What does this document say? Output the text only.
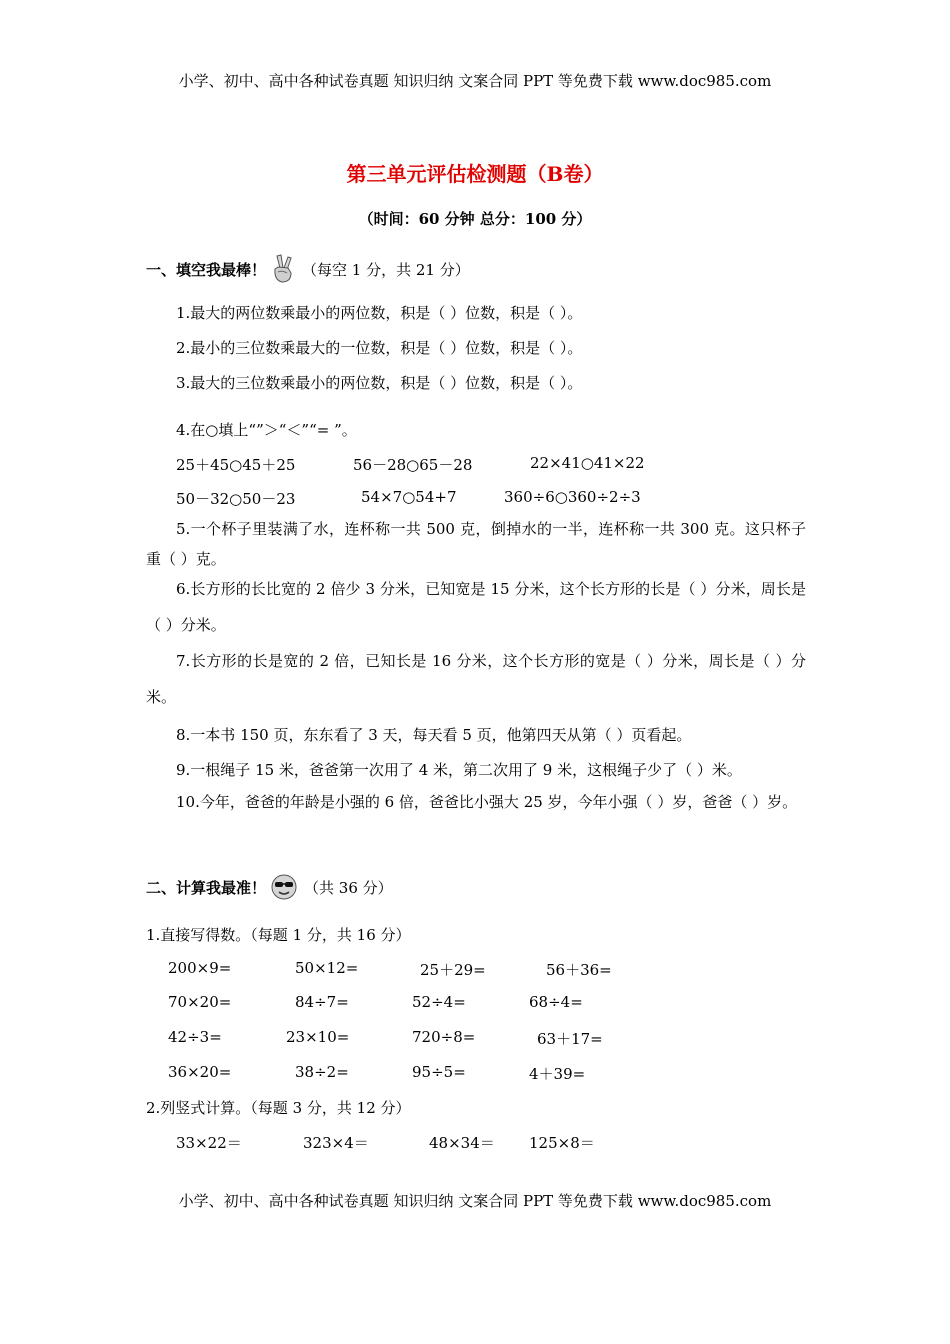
小学、初中、高中各种试卷真题 知识归纳 文案合同 PPT 等免费下载 www.doc985.com
小学、初中、高中各种试卷真题 知识归纳 文案合同 PPT 等免费下载 www.doc985.com
第三单元评估检测题（B卷）
（时间：60 分钟 总分：100 分）
一、填空我最棒！ （每空 1 分，共 21 分）
1.最大的两位数乘最小的两位数，积是（ ）位数，积是（ ）。
2.最小的三位数乘最大的一位数，积是（ ）位数，积是（ ）。
3.最大的三位数乘最小的两位数，积是（ ）位数，积是（ ）。
4.在○填上“”＞“＜”“= ”。
25＋45○45＋25	56－28○65－28	22×41○41×22
50－32○50－23	54×7○54+7	360÷6○360÷2÷3
5.一个杯子里装满了水，连杯称一共 500 克，倒掉水的一半，连杯称一共 300 克。这只杯子重（ ）克。
6.长方形的长比宽的 2 倍少 3 分米，已知宽是 15 分米，这个长方形的长是（ ）分米，周长是（ ）分米。
7.长方形的长是宽的 2 倍，已知长是 16 分米，这个长方形的宽是（ ）分米，周长是（ ）分米。
8.一本书 150 页，东东看了 3 天，每天看 5 页，他第四天从第（ ）页看起。
9.一根绳子 15 米，爸爸第一次用了 4 米，第二次用了 9 米，这根绳子少了（ ）米。
10.今年，爸爸的年龄是小强的 6 倍，爸爸比小强大 25 岁，今年小强（ ）岁，爸爸（ ）岁。
二、计算我最准！	（共 36 分）
1.直接写得数。（每题 1 分，共 16 分）
200×9=	50×12=	25＋29=	56＋36=
70×20=	84÷7=	52÷4=	68÷4=
42÷3=	23×10=	720÷8=	63＋17=
36×20=	38÷2=	95÷5=	4＋39=
2.列竖式计算。（每题 3 分，共 12 分）
33×22＝	323×4＝	48×34＝ 125×8＝
